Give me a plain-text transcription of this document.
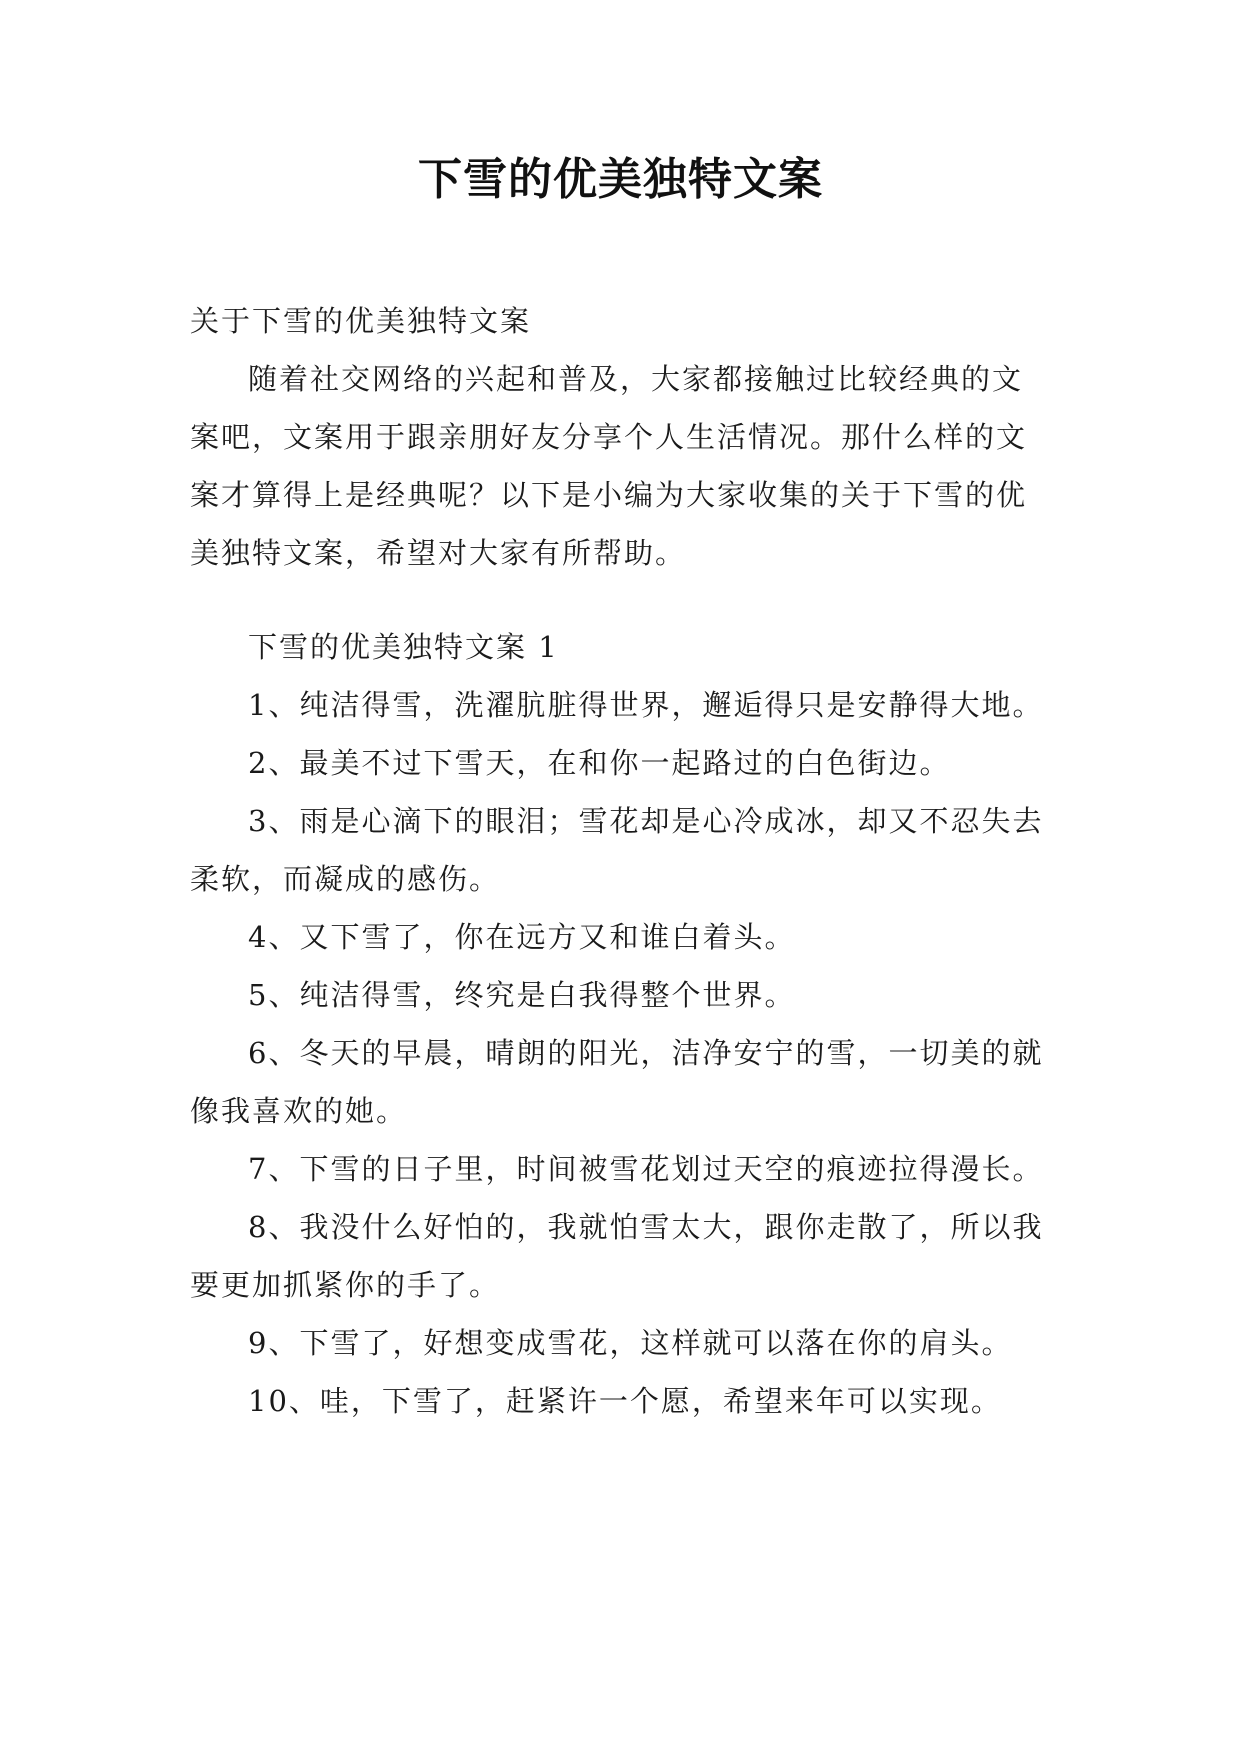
下雪的优美独特文案

关于下雪的优美独特文案

随着社交网络的兴起和普及，大家都接触过比较经典的文案吧，文案用于跟亲朋好友分享个人生活情况。那什么样的文案才算得上是经典呢？以下是小编为大家收集的关于下雪的优美独特文案，希望对大家有所帮助。

下雪的优美独特文案 1

1、纯洁得雪，洗濯肮脏得世界，邂逅得只是安静得大地。

2、最美不过下雪天，在和你一起路过的白色街边。

3、雨是心滴下的眼泪；雪花却是心冷成冰，却又不忍失去柔软，而凝成的感伤。

4、又下雪了，你在远方又和谁白着头。

5、纯洁得雪，终究是白我得整个世界。

6、冬天的早晨，晴朗的阳光，洁净安宁的雪，一切美的就像我喜欢的她。

7、下雪的日子里，时间被雪花划过天空的痕迹拉得漫长。

8、我没什么好怕的，我就怕雪太大，跟你走散了，所以我要更加抓紧你的手了。

9、下雪了，好想变成雪花，这样就可以落在你的肩头。

10、哇，下雪了，赶紧许一个愿，希望来年可以实现。
